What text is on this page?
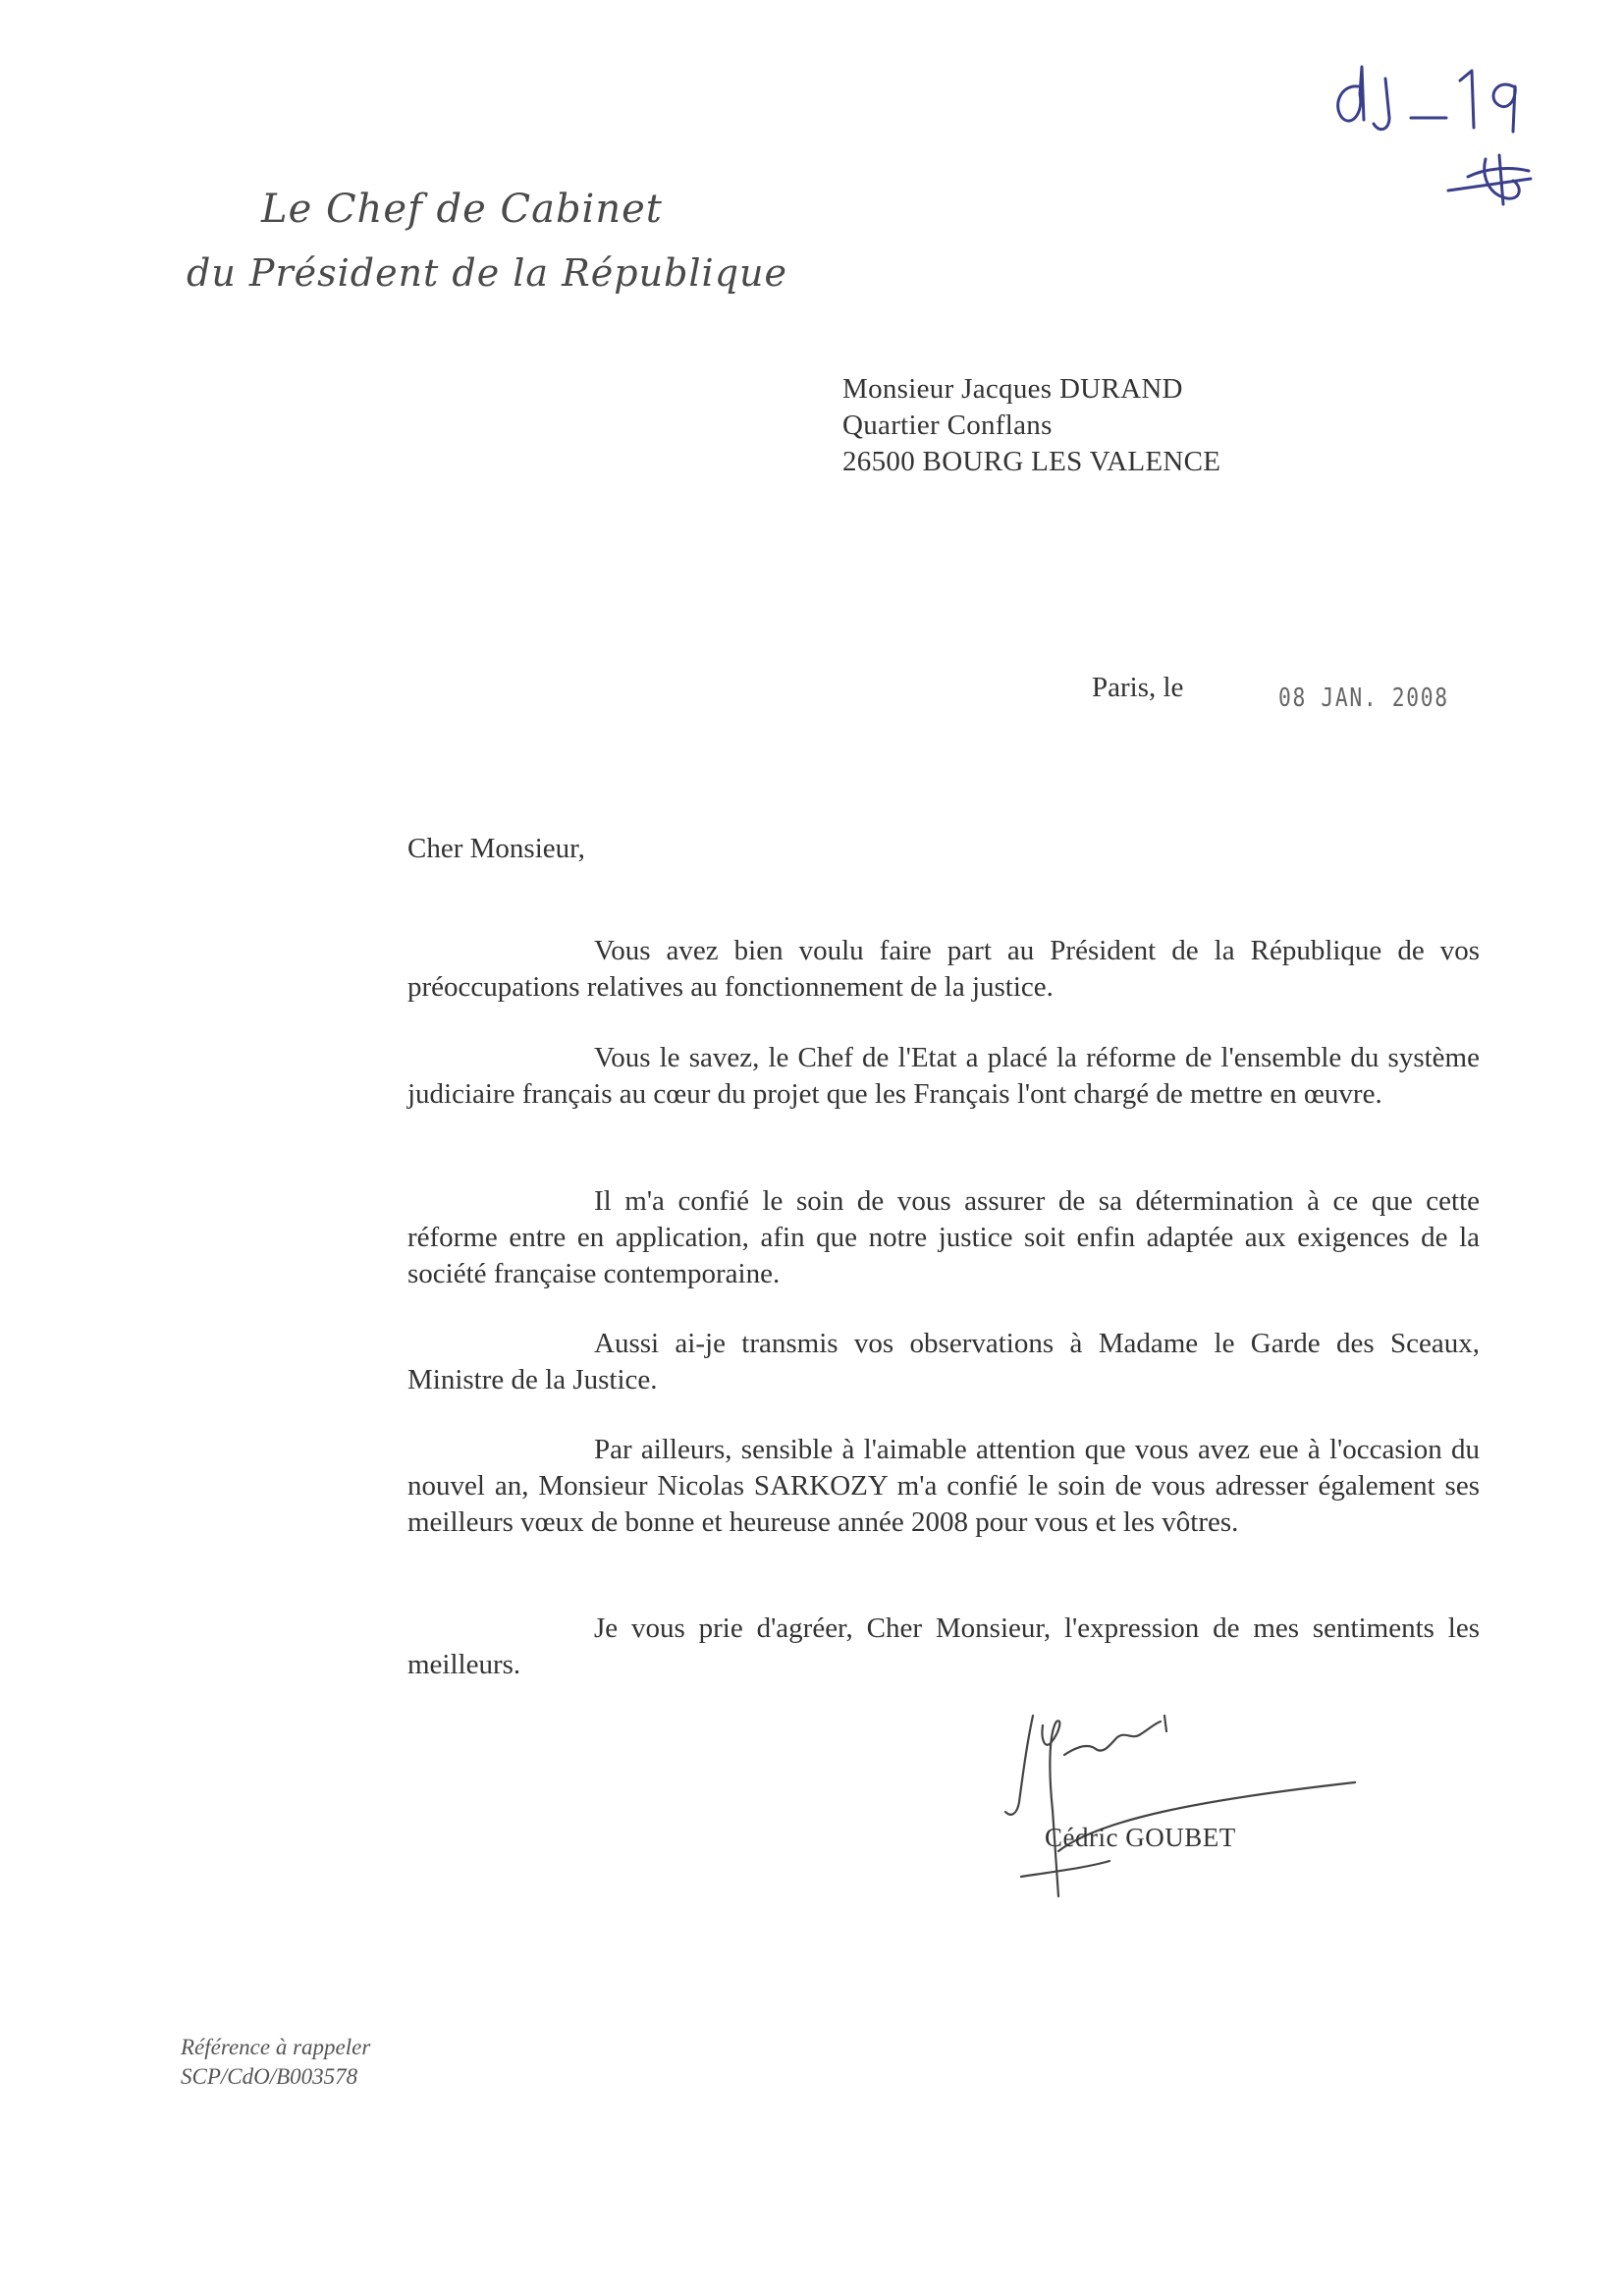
Le Chef de Cabinet
du Président de la République
Monsieur Jacques DURAND
Quartier Conflans
26500 BOURG LES VALENCE
Paris, le	08 JAN. 2008
Cher Monsieur,

Vous avez bien voulu faire part au Président de la République de vos préoccupations relatives au fonctionnement de la justice.

Vous le savez, le Chef de l'Etat a placé la réforme de l'ensemble du système judiciaire français au cœur du projet que les Français l'ont chargé de mettre en œuvre.

Il m'a confié le soin de vous assurer de sa détermination à ce que cette réforme entre en application, afin que notre justice soit enfin adaptée aux exigences de la société française contemporaine.

Aussi ai-je transmis vos observations à Madame le Garde des Sceaux, Ministre de la Justice.

Par ailleurs, sensible à l'aimable attention que vous avez eue à l'occasion du nouvel an, Monsieur Nicolas SARKOZY m'a confié le soin de vous adresser également ses meilleurs vœux de bonne et heureuse année 2008 pour vous et les vôtres.

Je vous prie d'agréer, Cher Monsieur, l'expression de mes sentiments les meilleurs.

Cédric GOUBET
Référence à rappeler
SCP/CdO/B003578
